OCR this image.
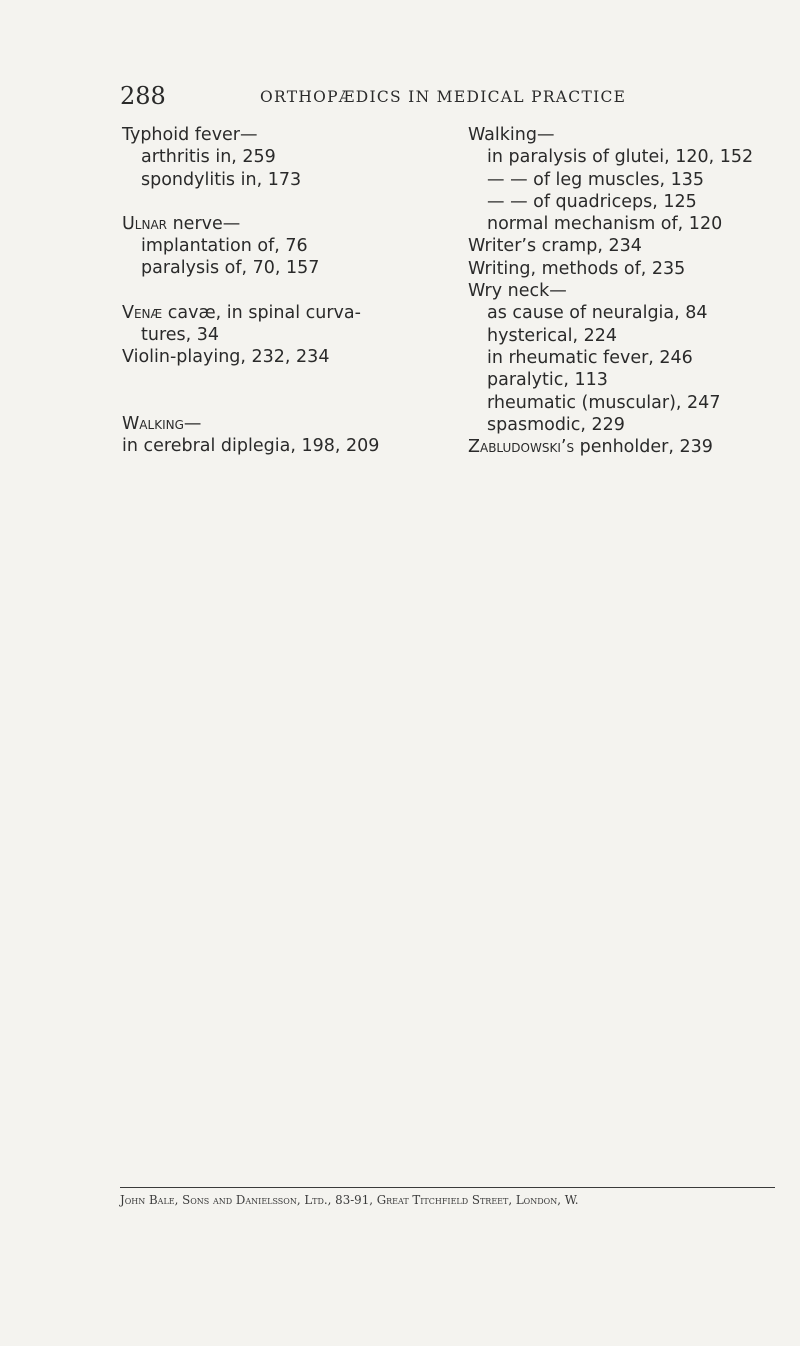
288	ORTHOPÆDICS IN MEDICAL PRACTICE
Typhoid fever—
arthritis in, 259
spondylitis in, 173
Ulnar nerve—
implantation of, 76
paralysis of, 70, 157
Venæ cavæ, in spinal curva-
tures, 34
Violin-playing, 232, 234
Walking—
in cerebral diplegia, 198, 209
Walking—
in paralysis of glutei, 120, 152
— — of leg muscles, 135
— — of quadriceps, 125
normal mechanism of, 120
Writer’s cramp, 234
Writing, methods of, 235
Wry neck—
as cause of neuralgia, 84
hysterical, 224
in rheumatic fever, 246
paralytic, 113
rheumatic (muscular), 247
spasmodic, 229
Zabludowski’s penholder, 239
John Bale, Sons and Danielsson, Ltd., 83-91, Great Titchfield Street, London, W.
